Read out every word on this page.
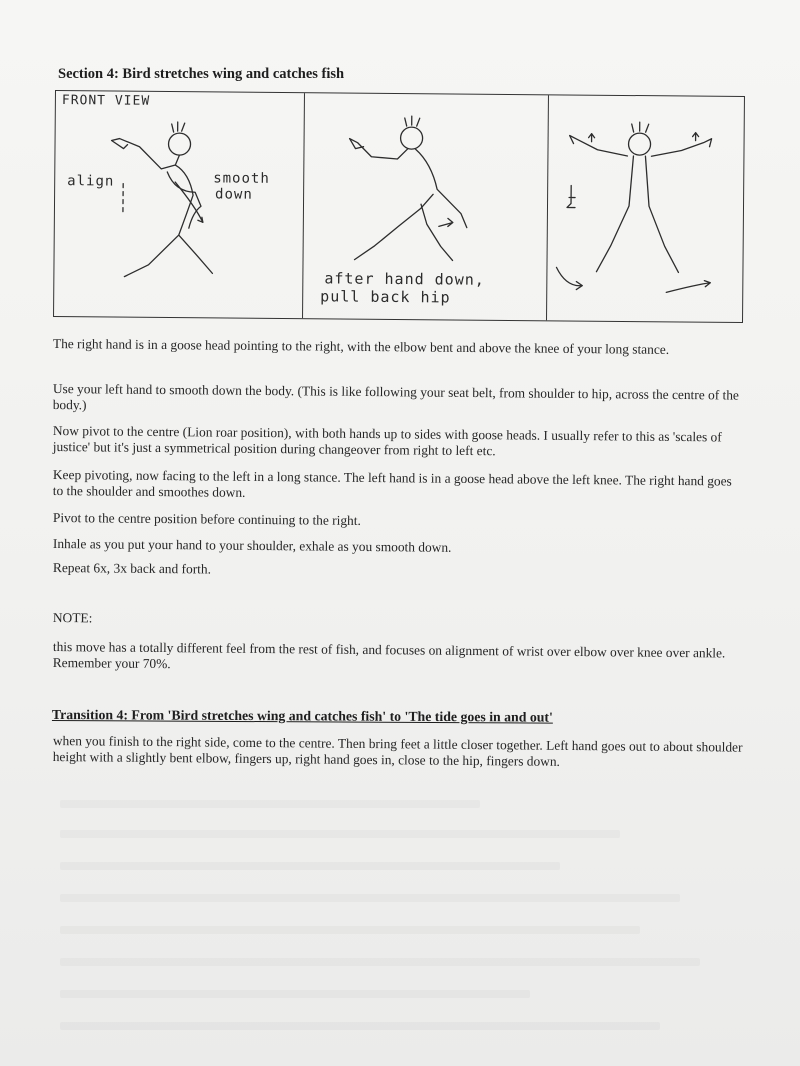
Section 4: Bird stretches wing and catches fish
FRONT VIEW
align	smooth
down
after hand down,
pull back hip
The right hand is in a goose head pointing to the right, with the elbow bent and above the knee of your long stance.
Use your left hand to smooth down the body. (This is like following your seat belt, from shoulder to hip, across the centre of the body.)
Now pivot to the centre (Lion roar position), with both hands up to sides with goose heads. I usually refer to this as 'scales of justice' but it's just a symmetrical position during changeover from right to left etc.
Keep pivoting, now facing to the left in a long stance. The left hand is in a goose head above the left knee. The right hand goes to the shoulder and smoothes down.
Pivot to the centre position before continuing to the right.
Inhale as you put your hand to your shoulder, exhale as you smooth down.
Repeat 6x, 3x back and forth.
NOTE:
this move has a totally different feel from the rest of fish, and focuses on alignment of wrist over elbow over knee over ankle. Remember your 70%.
Transition 4: From 'Bird stretches wing and catches fish' to 'The tide goes in and out'
when you finish to the right side, come to the centre. Then bring feet a little closer together. Left hand goes out to about shoulder height with a slightly bent elbow, fingers up, right hand goes in, close to the hip, fingers down.
